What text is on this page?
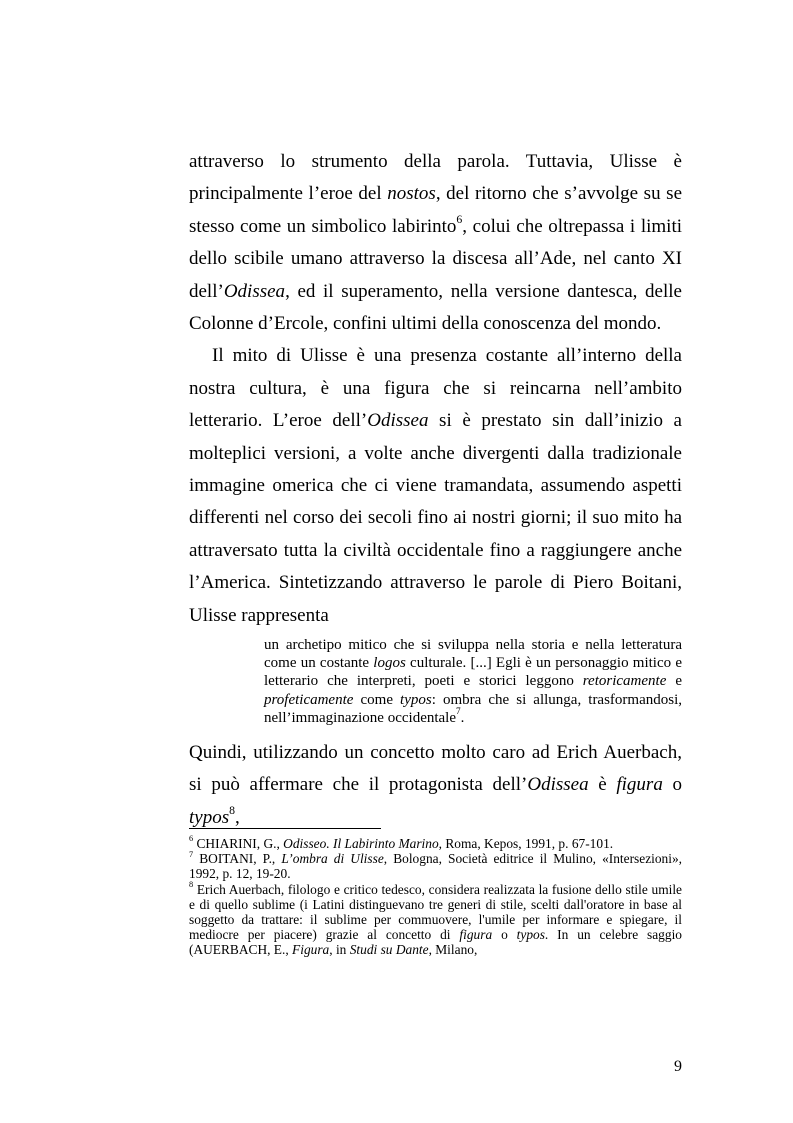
attraverso lo strumento della parola. Tuttavia, Ulisse è principalmente l’eroe del nostos, del ritorno che s’avvolge su se stesso come un simbolico labirinto$^6$, colui che oltrepassa i limiti dello scibile umano attraverso la discesa all’Ade, nel canto XI dell’Odissea, ed il superamento, nella versione dantesca, delle Colonne d’Ercole, confini ultimi della conoscenza del mondo.

Il mito di Ulisse è una presenza costante all’interno della nostra cultura, è una figura che si reincarna nell’ambito letterario. L’eroe dell’Odissea si è prestato sin dall’inizio a molteplici versioni, a volte anche divergenti dalla tradizionale immagine omerica che ci viene tramandata, assumendo aspetti differenti nel corso dei secoli fino ai nostri giorni; il suo mito ha attraversato tutta la civiltà occidentale fino a raggiungere anche l’America. Sintetizzando attraverso le parole di Piero Boitani, Ulisse rappresenta

un archetipo mitico che si sviluppa nella storia e nella letteratura come un costante logos culturale. [...] Egli è un personaggio mitico e letterario che interpreti, poeti e storici leggono retoricamente e profeticamente come typos: ombra che si allunga, trasformandosi, nell’immaginazione occidentale$^7$.

Quindi, utilizzando un concetto molto caro ad Erich Auerbach, si può affermare che il protagonista dell’Odissea è figura o typos$^8$,

$^6$ CHIARINI, G., Odisseo. Il Labirinto Marino, Roma, Kepos, 1991, p. 67-101.

$^7$ BOITANI, P., L’ombra di Ulisse, Bologna, Società editrice il Mulino, «Intersezioni», 1992, p. 12, 19-20.

$^8$ Erich Auerbach, filologo e critico tedesco, considera realizzata la fusione dello stile umile e di quello sublime (i Latini distinguevano tre generi di stile, scelti dall'oratore in base al soggetto da trattare: il sublime per commuovere, l'umile per informare e spiegare, il mediocre per piacere) grazie al concetto di figura o typos. In un celebre saggio (AUERBACH, E., Figura, in Studi su Dante, Milano,

9
